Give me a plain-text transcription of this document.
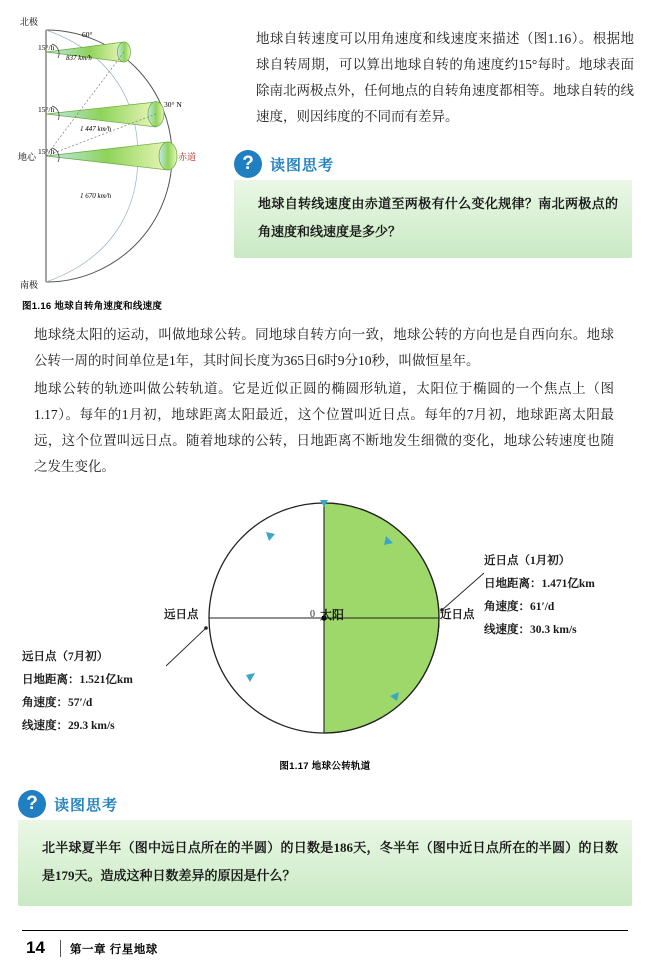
北极
南极
地心	赤道
15°/h
60°
837 km/h
15°/h
30° N
1 447 km/h
15°/h
1 670 km/h
图1.16 地球自转角速度和线速度
地球自转速度可以用角速度和线速度来描述（图1.16）。根据地球自转周期，可以算出地球自转的角速度约15°每时。地球表面除南北两极点外，任何地点的自转角速度都相等。地球自转的线速度，则因纬度的不同而有差异。
?	读图思考
地球自转线速度由赤道至两极有什么变化规律？南北两极点的角速度和线速度是多少？
地球绕太阳的运动，叫做地球公转。同地球自转方向一致，地球公转的方向也是自西向东。地球公转一周的时间单位是1年，其时间长度为365日6时9分10秒，叫做恒星年。
地球公转的轨迹叫做公转轨道。它是近似正圆的椭圆形轨道，太阳位于椭圆的一个焦点上（图1.17）。每年的1月初，地球距离太阳最近，这个位置叫近日点。每年的7月初，地球距离太阳最远，这个位置叫远日点。随着地球的公转，日地距离不断地发生细微的变化，地球公转速度也随之发生变化。
0 太阳	近日点
远日点
近日点（1月初）
日地距离：1.471亿km
角速度：61′/d
线速度：30.3 km/s
远日点（7月初）
日地距离：1.521亿km
角速度：57′/d
线速度：29.3 km/s
图1.17 地球公转轨道
?	读图思考
北半球夏半年（图中远日点所在的半圆）的日数是186天，冬半年（图中近日点所在的半圆）的日数是179天。造成这种日数差异的原因是什么？
14 第一章 行星地球
